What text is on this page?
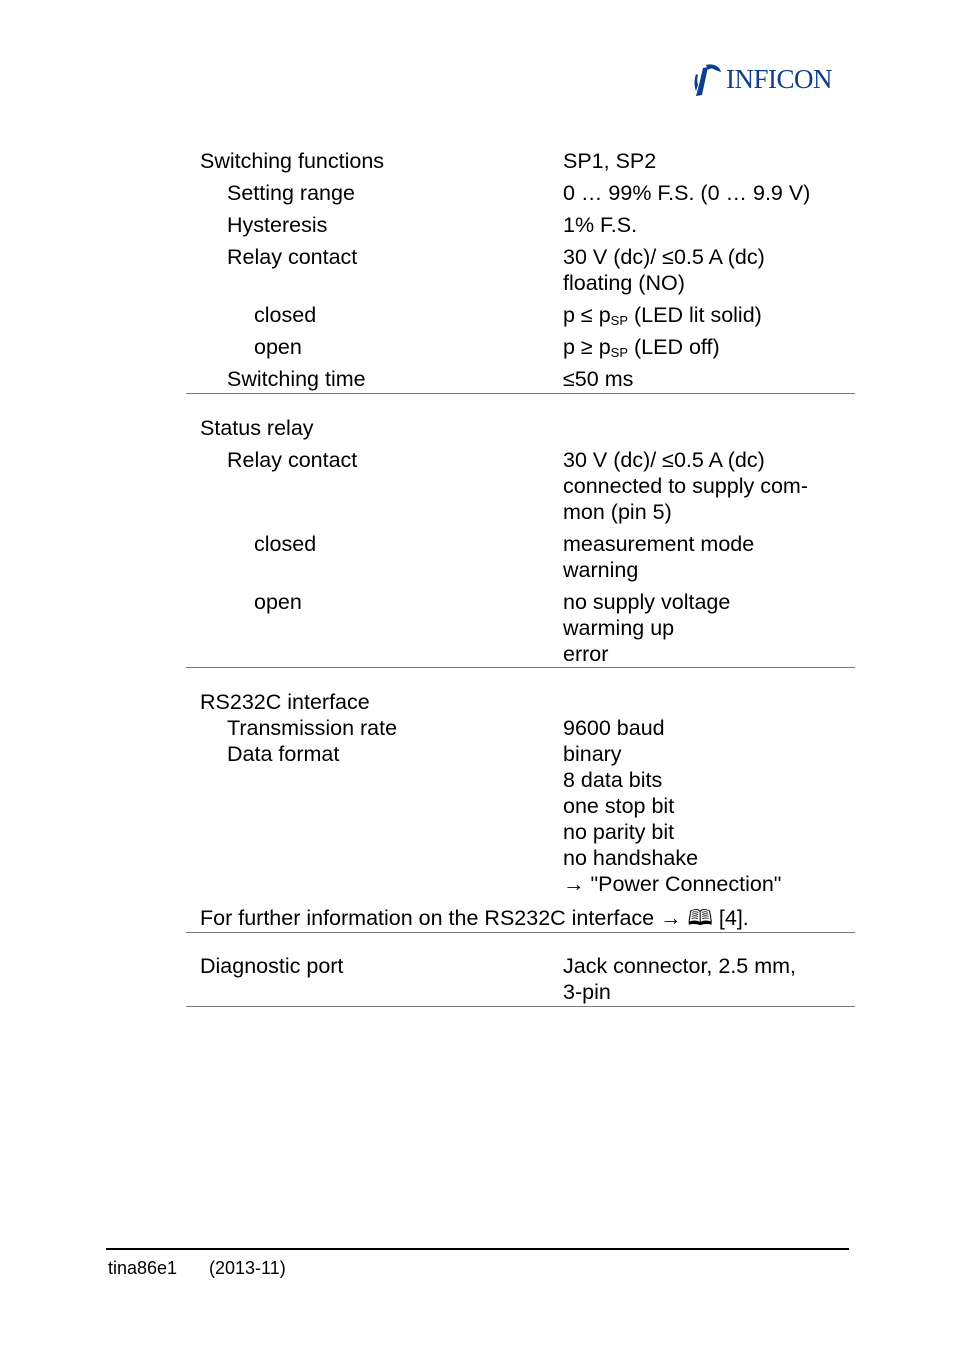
INFICON
Switching functions	SP1, SP2
Setting range	0 … 99% F.S. (0 … 9.9 V)
Hysteresis	1% F.S.
Relay contact	30 V (dc)/ ≤0.5 A (dc)
floating (NO)
closed	$p \le p_{SP}$ (LED lit solid)
open	$p \ge p_{SP}$ (LED off)
Switching time	≤50 ms
Status relay
Relay contact	30 V (dc)/ ≤0.5 A (dc)
connected to supply com-
mon (pin 5)
closed	measurement mode
warning
open	no supply voltage
warming up
error
RS232C interface
Transmission rate	9600 baud
Data format	binary
8 data bits
one stop bit
no parity bit
no handshake
→ "Power Connection"
For further information on the RS232C interface → 🕮 [4].
Diagnostic port	Jack connector, 2.5 mm,
3-pin
tina86e1 (2013-11)
